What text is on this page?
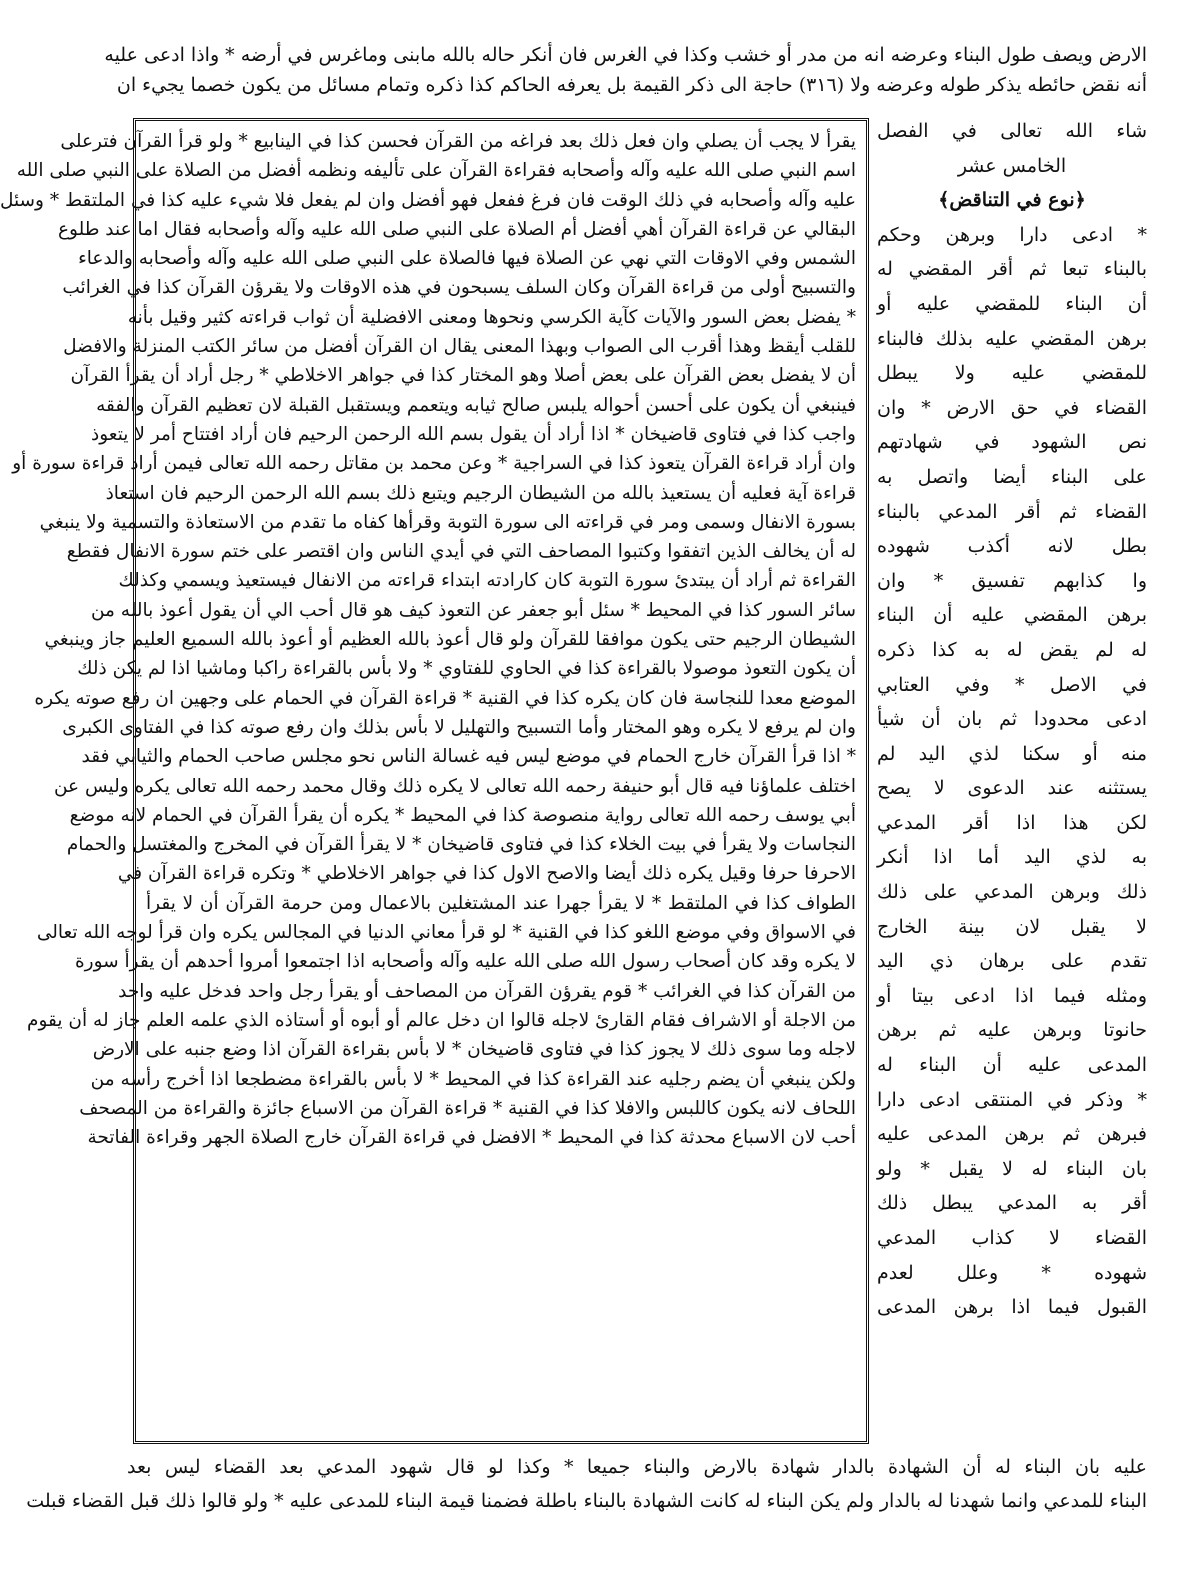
الارض ويصف طول البناء وعرضه انه من مدر أو خشب وكذا في الغرس فان أنكر حاله بالله مابنى وماغرس في أرضه * واذا ادعى عليه
أنه نقض حائطه يذكر طوله وعرضه ولا (٣١٦) حاجة الى ذكر القيمة بل يعرفه الحاكم كذا ذكره وتمام مسائل من يكون خصما يجيء ان
يقرأ لا يجب أن يصلي وان فعل ذلك بعد فراغه من القرآن فحسن كذا في الينابيع * ولو قرأ القرآن فترعلى
اسم النبي صلى الله عليه وآله وأصحابه فقراءة القرآن على تأليفه ونظمه أفضل من الصلاة على النبي صلى الله
عليه وآله وأصحابه في ذلك الوقت فان فرغ ففعل فهو أفضل وان لم يفعل فلا شيء عليه كذا في الملتقط * وسئل
البقالي عن قراءة القرآن أهي أفضل أم الصلاة على النبي صلى الله عليه وآله وأصحابه فقال اما عند طلوع
الشمس وفي الاوقات التي نهي عن الصلاة فيها فالصلاة على النبي صلى الله عليه وآله وأصحابه والدعاء
والتسبيح أولى من قراءة القرآن وكان السلف يسبحون في هذه الاوقات ولا يقرؤن القرآن كذا في الغرائب
* يفضل بعض السور والآيات كآية الكرسي ونحوها ومعنى الافضلية أن ثواب قراءته كثير وقيل بأنه
للقلب أيقظ وهذا أقرب الى الصواب وبهذا المعنى يقال ان القرآن أفضل من سائر الكتب المنزلة والافضل
أن لا يفضل بعض القرآن على بعض أصلا وهو المختار كذا في جواهر الاخلاطي * رجل أراد أن يقرأ القرآن
فينبغي أن يكون على أحسن أحواله يلبس صالح ثيابه ويتعمم ويستقبل القبلة لان تعظيم القرآن والفقه
واجب كذا في فتاوى قاضيخان * اذا أراد أن يقول بسم الله الرحمن الرحيم فان أراد افتتاح أمر لا يتعوذ
وان أراد قراءة القرآن يتعوذ كذا في السراجية * وعن محمد بن مقاتل رحمه الله تعالى فيمن أراد قراءة سورة أو
قراءة آية فعليه أن يستعيذ بالله من الشيطان الرجيم ويتبع ذلك بسم الله الرحمن الرحيم فان استعاذ
بسورة الانفال وسمى ومر في قراءته الى سورة التوبة وقرأها كفاه ما تقدم من الاستعاذة والتسمية ولا ينبغي
له أن يخالف الذين اتفقوا وكتبوا المصاحف التي في أيدي الناس وان اقتصر على ختم سورة الانفال فقطع
القراءة ثم أراد أن يبتدئ سورة التوبة كان كارادته ابتداء قراءته من الانفال فيستعيذ ويسمي وكذلك
سائر السور كذا في المحيط * سئل أبو جعفر عن التعوذ كيف هو قال أحب الي أن يقول أعوذ بالله من
الشيطان الرجيم حتى يكون موافقا للقرآن ولو قال أعوذ بالله العظيم أو أعوذ بالله السميع العليم جاز وينبغي
أن يكون التعوذ موصولا بالقراءة كذا في الحاوي للفتاوي * ولا بأس بالقراءة راكبا وماشيا اذا لم يكن ذلك
الموضع معدا للنجاسة فان كان يكره كذا في القنية * قراءة القرآن في الحمام على وجهين ان رفع صوته يكره
وان لم يرفع لا يكره وهو المختار وأما التسبيح والتهليل لا بأس بذلك وان رفع صوته كذا في الفتاوى الكبرى
* اذا قرأ القرآن خارج الحمام في موضع ليس فيه غسالة الناس نحو مجلس صاحب الحمام والثيابي فقد
اختلف علماؤنا فيه قال أبو حنيفة رحمه الله تعالى لا يكره ذلك وقال محمد رحمه الله تعالى يكره وليس عن
أبي يوسف رحمه الله تعالى رواية منصوصة كذا في المحيط * يكره أن يقرأ القرآن في الحمام لانه موضع
النجاسات ولا يقرأ في بيت الخلاء كذا في فتاوى قاضيخان * لا يقرأ القرآن في المخرج والمغتسل والحمام
الاحرفا حرفا وقيل يكره ذلك أيضا والاصح الاول كذا في جواهر الاخلاطي * وتكره قراءة القرآن في
الطواف كذا في الملتقط * لا يقرأ جهرا عند المشتغلين بالاعمال ومن حرمة القرآن أن لا يقرأ
في الاسواق وفي موضع اللغو كذا في القنية * لو قرأ معاني الدنيا في المجالس يكره وان قرأ لوجه الله تعالى
لا يكره وقد كان أصحاب رسول الله صلى الله عليه وآله وأصحابه اذا اجتمعوا أمروا أحدهم أن يقرأ سورة
من القرآن كذا في الغرائب * قوم يقرؤن القرآن من المصاحف أو يقرأ رجل واحد فدخل عليه واحد
من الاجلة أو الاشراف فقام القارئ لاجله قالوا ان دخل عالم أو أبوه أو أستاذه الذي علمه العلم جاز له أن يقوم
لاجله وما سوى ذلك لا يجوز كذا في فتاوى قاضيخان * لا بأس بقراءة القرآن اذا وضع جنبه على الارض
ولكن ينبغي أن يضم رجليه عند القراءة كذا في المحيط * لا بأس بالقراءة مضطجعا اذا أخرج رأسه من
اللحاف لانه يكون كاللبس والافلا كذا في القنية * قراءة القرآن من الاسباع جائزة والقراءة من المصحف
أحب لان الاسباع محدثة كذا في المحيط * الافضل في قراءة القرآن خارج الصلاة الجهر وقراءة الفاتحة
شاء الله تعالى في الفصل
الخامس عشر
﴿نوع في التناقض﴾
* ادعى دارا وبرهن وحكم
بالبناء تبعا ثم أقر المقضي له
أن البناء للمقضي عليه أو
برهن المقضي عليه بذلك فالبناء
للمقضي عليه ولا يبطل
القضاء في حق الارض * وان
نص الشهود في شهادتهم
على البناء أيضا واتصل به
القضاء ثم أقر المدعي بالبناء
بطل لانه أكذب شهوده
وا كذابهم تفسيق * وان
برهن المقضي عليه أن البناء
له لم يقض له به كذا ذكره
في الاصل * وفي العتابي
ادعى محدودا ثم بان أن شيأ
منه أو سكنا لذي اليد لم
يستثنه عند الدعوى لا يصح
لكن هذا اذا أقر المدعي
به لذي اليد أما اذا أنكر
ذلك وبرهن المدعي على ذلك
لا يقبل لان بينة الخارج
تقدم على برهان ذي اليد
ومثله فيما اذا ادعى بيتا أو
حانوتا وبرهن عليه ثم برهن
المدعى عليه أن البناء له
* وذكر في المنتقى ادعى دارا
فبرهن ثم برهن المدعى عليه
بان البناء له لا يقبل * ولو
أقر به المدعي يبطل ذلك
القضاء لا كذاب المدعي
شهوده * وعلل لعدم
القبول فيما اذا برهن المدعى
عليه بان البناء له أن الشهادة بالدار شهادة بالارض والبناء جميعا * وكذا لو قال شهود المدعي بعد القضاء ليس بعد
البناء للمدعي وانما شهدنا له بالدار ولم يكن البناء له كانت الشهادة بالبناء باطلة فضمنا قيمة البناء للمدعى عليه * ولو قالوا ذلك قبل القضاء قبلت
